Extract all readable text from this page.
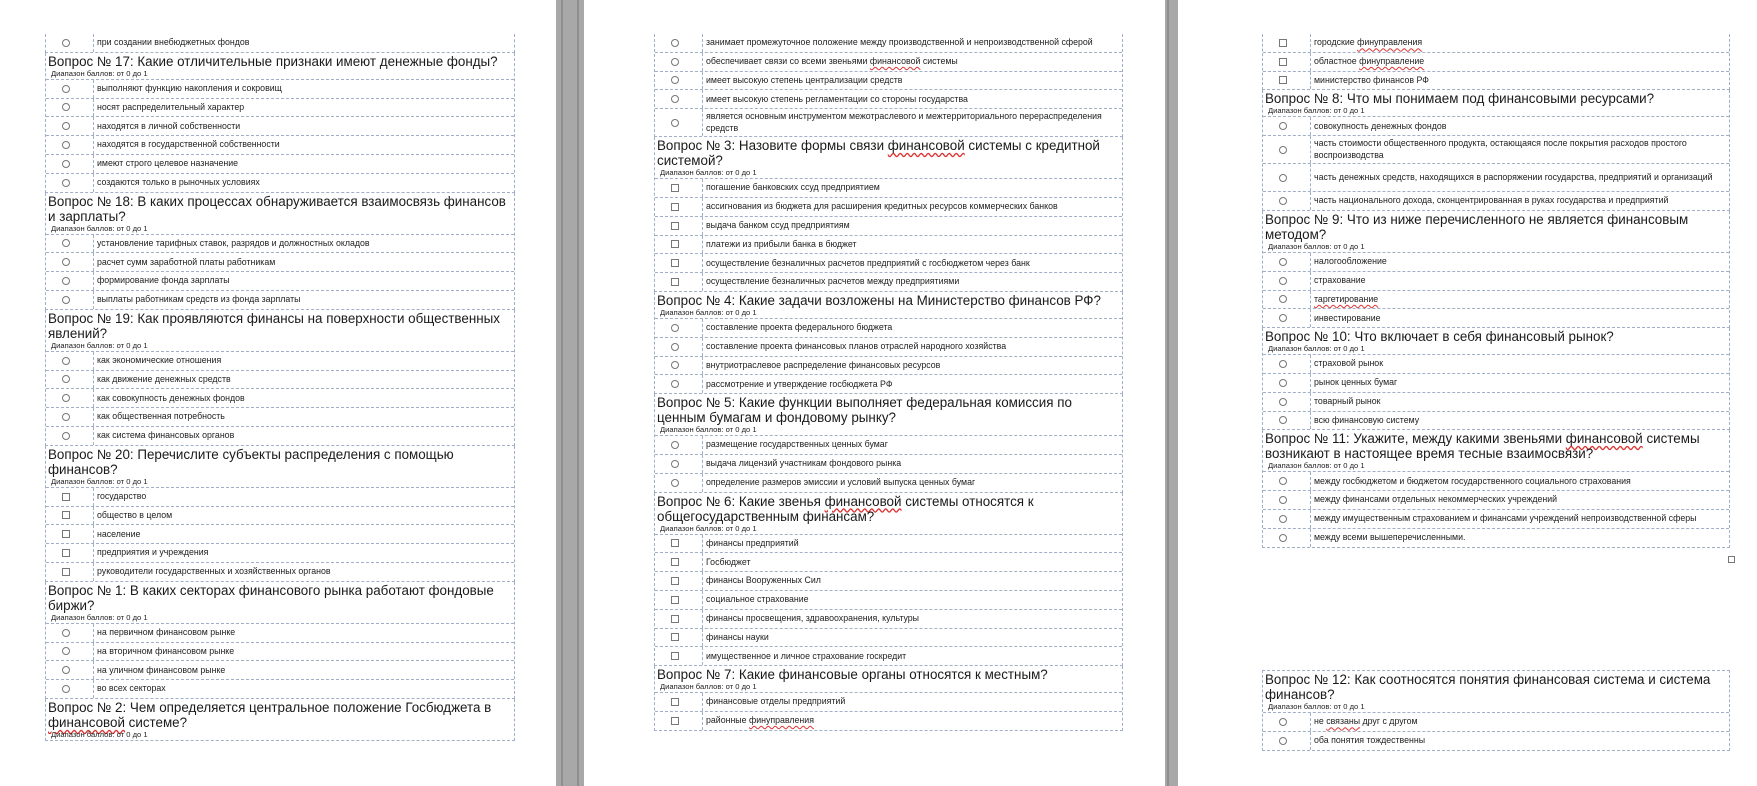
при создании внебюджетных фондов
Вопрос № 17: Какие отличительные признаки имеют денежные фонды?
Диапазон баллов: от 0 до 1
выполняют функцию накопления и сокровищ
носят распределительный характер
находятся в личной собственности
находятся в государственной собственности
имеют строго целевое назначение
создаются только в рыночных условиях
Вопрос № 18: В каких процессах обнаруживается взаимосвязь финансов и зарплаты?
Диапазон баллов: от 0 до 1
установление тарифных ставок, разрядов и должностных окладов
расчет сумм заработной платы работникам
формирование фонда зарплаты
выплаты работникам средств из фонда зарплаты
Вопрос № 19: Как проявляются финансы на поверхности общественных явлений?
Диапазон баллов: от 0 до 1
как экономические отношения
как движение денежных средств
как совокупность денежных фондов
как общественная потребность
как система финансовых органов
Вопрос № 20: Перечислите субъекты распределения с помощью финансов?
Диапазон баллов: от 0 до 1
государство
общество в целом
население
предприятия и учреждения
руководители государственных и хозяйственных органов
Вопрос № 1: В каких секторах финансового рынка работают фондовые биржи?
Диапазон баллов: от 0 до 1
на первичном финансовом рынке
на вторичном финансовом рынке
на уличном финансовом рынке
во всех секторах
Вопрос № 2: Чем определяется центральное положение Госбюджета в финансовой системе?
Диапазон баллов: от 0 до 1
занимает промежуточное положение между производственной и непроизводственной сферой
обеспечивает связи со всеми звеньями финансовой системы
имеет высокую степень централизации средств
имеет высокую степень регламентации со стороны государства
является основным инструментом межотраслевого и межтерриториального перераспределения средств
Вопрос № 3: Назовите формы связи финансовой системы с кредитной системой?
Диапазон баллов: от 0 до 1
погашение банковских ссуд предприятием
ассигнования из бюджета для расширения кредитных ресурсов коммерческих банков
выдача банком ссуд предприятиям
платежи из прибыли банка в бюджет
осуществление безналичных расчетов предприятий с госбюджетом через банк
осуществление безналичных расчетов между предприятиями
Вопрос № 4: Какие задачи возложены на Министерство финансов РФ?
Диапазон баллов: от 0 до 1
составление проекта федерального бюджета
составление проекта финансовых планов отраслей народного хозяйства
внутриотраслевое распределение финансовых ресурсов
рассмотрение и утверждение госбюджета РФ
Вопрос № 5: Какие функции выполняет федеральная комиссия по ценным бумагам и фондовому рынку?
Диапазон баллов: от 0 до 1
размещение государственных ценных бумаг
выдача лицензий участникам фондового рынка
определение размеров эмиссии и условий выпуска ценных бумаг
Вопрос № 6: Какие звенья финансовой системы относятся к общегосударственным финансам?
Диапазон баллов: от 0 до 1
финансы предприятий
Госбюджет
финансы Вооруженных Сил
социальное страхование
финансы просвещения, здравоохранения, культуры
финансы науки
имущественное и личное страхование госкредит
Вопрос № 7: Какие финансовые органы относятся к местным?
Диапазон баллов: от 0 до 1
финансовые отделы предприятий
районные финуправления
городские финуправления
областное финуправление
министерство финансов РФ
Вопрос № 8: Что мы понимаем под финансовыми ресурсами?
Диапазон баллов: от 0 до 1
совокупность денежных фондов
часть стоимости общественного продукта, остающаяся после покрытия расходов простого воспроизводства
часть денежных средств, находящихся в распоряжении государства, предприятий и организаций
часть национального дохода, сконцентрированная в руках государства и предприятий
Вопрос № 9: Что из ниже перечисленного не является финансовым методом?
Диапазон баллов: от 0 до 1
налогообложение
страхование
таргетирование
инвестирование
Вопрос № 10: Что включает в себя финансовый рынок?
Диапазон баллов: от 0 до 1
страховой рынок
рынок ценных бумаг
товарный рынок
всю финансовую систему
Вопрос № 11: Укажите, между какими звеньями финансовой системы возникают в настоящее время тесные взаимосвязи?
Диапазон баллов: от 0 до 1
между госбюджетом и бюджетом государственного социального страхования
между финансами отдельных некоммерческих учреждений
между имущественным страхованием и финансами учреждений непроизводственной сферы
между всеми вышеперечисленными.
Вопрос № 12: Как соотносятся понятия финансовая система и система финансов?
Диапазон баллов: от 0 до 1
не связаны друг с другом
оба понятия тождественны
